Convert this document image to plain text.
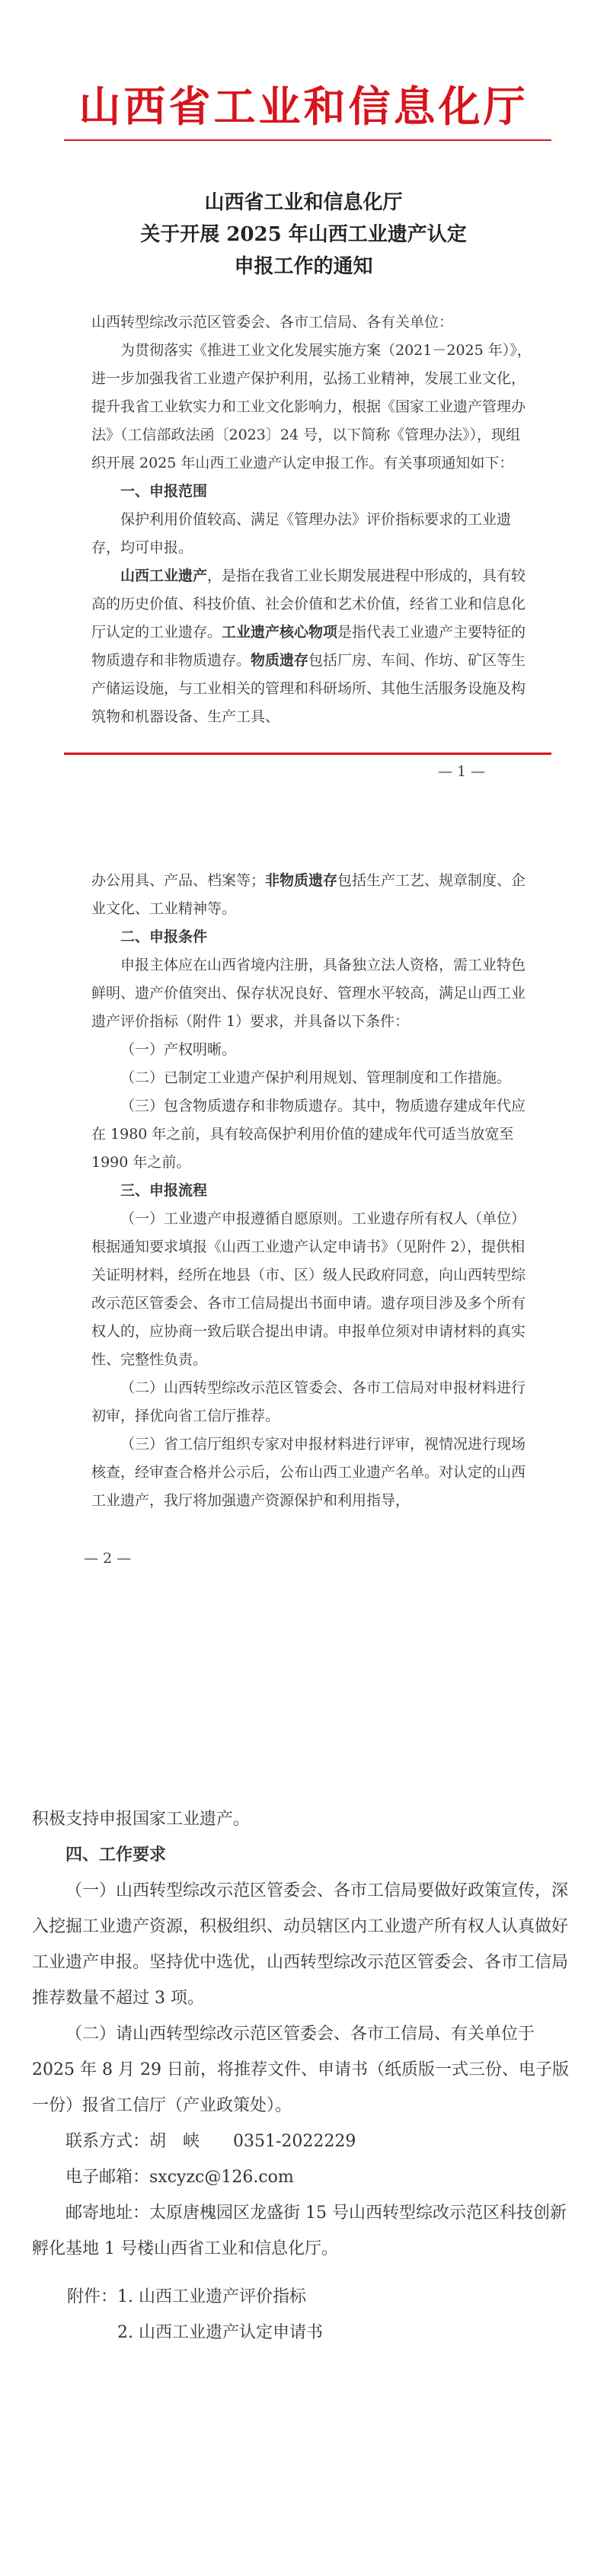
山西省工业和信息化厅
山西省工业和信息化厅
关于开展 2025 年山西工业遗产认定
申报工作的通知

山西转型综改示范区管委会、各市工信局、各有关单位：

为贯彻落实《推进工业文化发展实施方案（2021－2025 年）》，进一步加强我省工业遗产保护利用，弘扬工业精神，发展工业文化，提升我省工业软实力和工业文化影响力，根据《国家工业遗产管理办法》（工信部政法函〔2023〕24 号，以下简称《管理办法》），现组织开展 2025 年山西工业遗产认定申报工作。有关事项通知如下：

一、申报范围

保护利用价值较高、满足《管理办法》评价指标要求的工业遗存，均可申报。

山西工业遗产，是指在我省工业长期发展进程中形成的，具有较高的历史价值、科技价值、社会价值和艺术价值，经省工业和信息化厅认定的工业遗存。工业遗产核心物项是指代表工业遗产主要特征的物质遗存和非物质遗存。物质遗存包括厂房、车间、作坊、矿区等生产储运设施，与工业相关的管理和科研场所、其他生活服务设施及构筑物和机器设备、生产工具、

— 1 —

办公用具、产品、档案等；非物质遗存包括生产工艺、规章制度、企业文化、工业精神等。

二、申报条件

申报主体应在山西省境内注册，具备独立法人资格，需工业特色鲜明、遗产价值突出、保存状况良好、管理水平较高，满足山西工业遗产评价指标（附件 1）要求，并具备以下条件：

（一）产权明晰。

（二）已制定工业遗产保护利用规划、管理制度和工作措施。

（三）包含物质遗存和非物质遗存。其中，物质遗存建成年代应在 1980 年之前，具有较高保护利用价值的建成年代可适当放宽至 1990 年之前。

三、申报流程

（一）工业遗产申报遵循自愿原则。工业遗存所有权人（单位）根据通知要求填报《山西工业遗产认定申请书》（见附件 2），提供相关证明材料，经所在地县（市、区）级人民政府同意，向山西转型综改示范区管委会、各市工信局提出书面申请。遗存项目涉及多个所有权人的，应协商一致后联合提出申请。申报单位须对申请材料的真实性、完整性负责。

（二）山西转型综改示范区管委会、各市工信局对申报材料进行初审，择优向省工信厅推荐。

（三）省工信厅组织专家对申报材料进行评审，视情况进行现场核查，经审查合格并公示后，公布山西工业遗产名单。对认定的山西工业遗产，我厅将加强遗产资源保护和利用指导，

— 2 —

积极支持申报国家工业遗产。

四、工作要求

（一）山西转型综改示范区管委会、各市工信局要做好政策宣传，深入挖掘工业遗产资源，积极组织、动员辖区内工业遗产所有权人认真做好工业遗产申报。坚持优中选优，山西转型综改示范区管委会、各市工信局推荐数量不超过 3 项。

（二）请山西转型综改示范区管委会、各市工信局、有关单位于 2025 年 8 月 29 日前，将推荐文件、申请书（纸质版一式三份、电子版一份）报省工信厅（产业政策处）。

联系方式：胡　峡　　0351-2022229

电子邮箱：sxcyzc@126.com

邮寄地址：太原唐槐园区龙盛街 15 号山西转型综改示范区科技创新孵化基地 1 号楼山西省工业和信息化厅。

附件：1. 山西工业遗产评价指标

2. 山西工业遗产认定申请书
